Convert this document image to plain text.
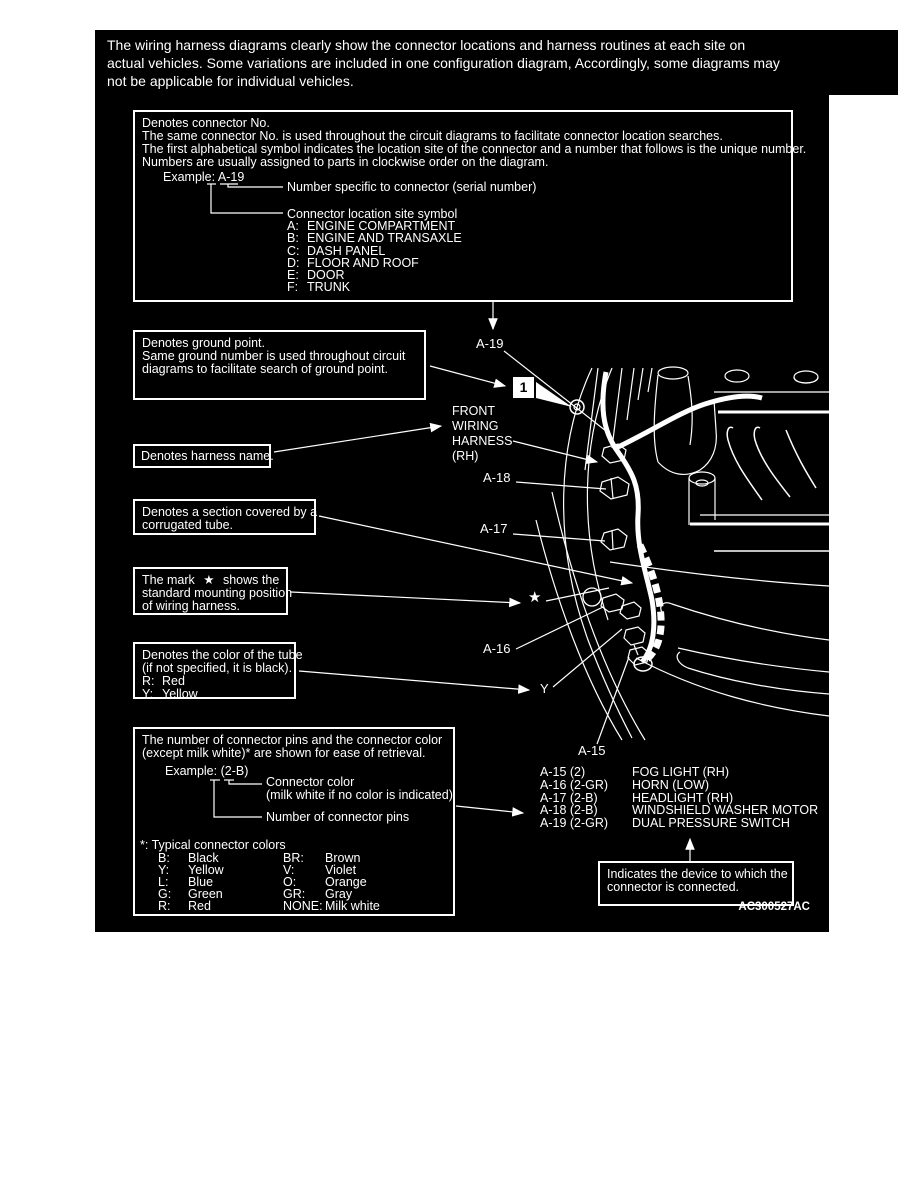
The wiring harness diagrams clearly show the connector locations and harness routines at each site on
actual vehicles. Some variations are included in one configuration diagram, Accordingly, some diagrams may
not be applicable for individual vehicles.
Denotes connector No.
The same connector No. is used throughout the circuit diagrams to facilitate connector location searches.
The first alphabetical symbol indicates the location site of the connector and a number that follows is the unique number.
Numbers are usually assigned to parts in clockwise order on the diagram.
Example: A-19
Number specific to connector (serial number)
Connector location site symbol
A: ENGINE COMPARTMENT
B: ENGINE AND TRANSAXLE
C: DASH PANEL
D: FLOOR AND ROOF
E: DOOR
F: TRUNK
Denotes ground point.
Same ground number is used throughout circuit
diagrams to facilitate search of ground point.
Denotes harness name.
Denotes a section covered by a
corrugated tube.
The mark ★ shows the
standard mounting position
of wiring harness.
Denotes the color of the tube
(if not specified, it is black).
R: Red
Y: Yellow
The number of connector pins and the connector color
(except milk white)* are shown for ease of retrieval.
Example: (2-B)
Connector color
(milk white if no color is indicated)
Number of connector pins
*: Typical connector colors
B: Black	BR: Brown
Y: Yellow	V: Violet
L: Blue	O: Orange
G: Green	GR: Gray
R: Red	NONE: Milk white
A-19
1
FRONT
WIRING
HARNESS
(RH)
A-18
A-17
★
A-16
Y
A-15
A-15 (2)	FOG LIGHT (RH)
A-16 (2-GR) HORN (LOW)
A-17 (2-B)	HEADLIGHT (RH)
A-18 (2-B)	WINDSHIELD WASHER MOTOR
A-19 (2-GR) DUAL PRESSURE SWITCH
Indicates the device to which the
connector is connected.
AC300527AC
